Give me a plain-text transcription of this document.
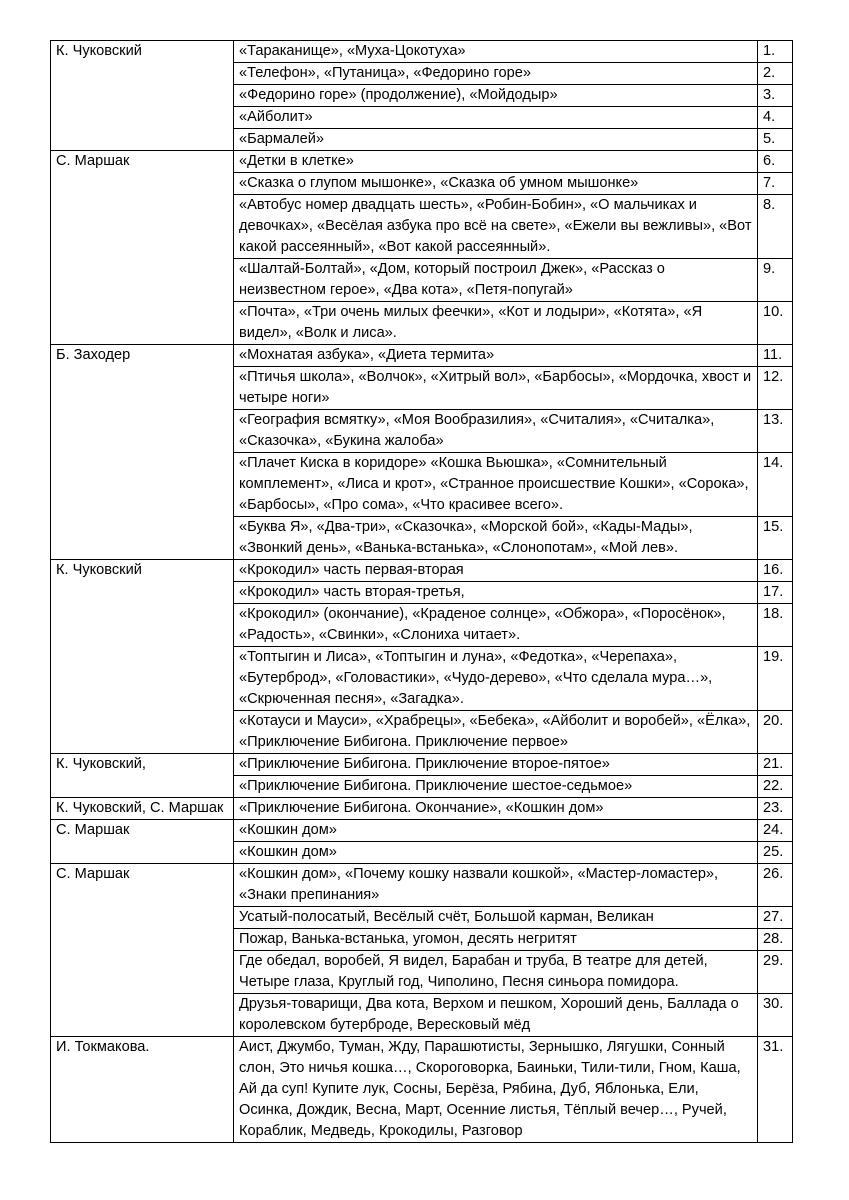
К. Чуковский	«Тараканище», «Муха-Цокотуха»	1.
	«Телефон», «Путаница», «Федорино горе»	2.
	«Федорино горе» (продолжение), «Мойдодыр»	3.
	«Айболит»	4.
	«Бармалей»	5.
С. Маршак	«Детки в клетке»	6.
	«Сказка о глупом мышонке», «Сказка об умном мышонке»	7.
	«Автобус номер двадцать шесть», «Робин-Бобин», «О мальчиках и девочках», «Весёлая азбука про всё на свете», «Ежели вы вежливы», «Вот какой рассеянный», «Вот какой рассеянный».	8.
	«Шалтай-Болтай», «Дом, который построил Джек», «Рассказ о неизвестном герое», «Два кота», «Петя-попугай»	9.
	«Почта», «Три очень милых феечки», «Кот и лодыри», «Котята», «Я видел», «Волк и лиса».	10.
Б. Заходер	«Мохнатая азбука», «Диета термита»	11.
	«Птичья школа», «Волчок», «Хитрый вол», «Барбосы», «Мордочка, хвост и четыре ноги»	12.
	«География всмятку», «Моя Вообразилия», «Считалия», «Считалка», «Сказочка», «Букина жалоба»	13.
	«Плачет Киска в коридоре» «Кошка Вьюшка», «Сомнительный комплемент», «Лиса и крот», «Странное происшествие Кошки», «Сорока», «Барбосы», «Про сома», «Что красивее всего».	14.
	«Буква Я», «Два-три», «Сказочка», «Морской бой», «Кады-Мады», «Звонкий день», «Ванька-встанька», «Слонопотам», «Мой лев».	15.
К. Чуковский	«Крокодил» часть первая-вторая	16.
	«Крокодил» часть вторая-третья,	17.
	«Крокодил» (окончание), «Краденое солнце», «Обжора», «Поросёнок», «Радость», «Свинки», «Слониха читает».	18.
	«Топтыгин и Лиса», «Топтыгин и луна», «Федотка», «Черепаха», «Бутерброд», «Головастики», «Чудо-дерево», «Что сделала мура…», «Скрюченная песня», «Загадка».	19.
	«Котауси и Мауси», «Храбрецы», «Бебека», «Айболит и воробей», «Ёлка», «Приключение Бибигона. Приключение первое»	20.
К. Чуковский,	«Приключение Бибигона. Приключение второе-пятое»	21.
	«Приключение Бибигона. Приключение шестое-седьмое»	22.
К. Чуковский, С. Маршак	«Приключение Бибигона. Окончание», «Кошкин дом»	23.
С. Маршак	«Кошкин дом»	24.
	«Кошкин дом»	25.
С. Маршак	«Кошкин дом», «Почему кошку назвали кошкой», «Мастер-ломастер», «Знаки препинания»	26.
	Усатый-полосатый, Весёлый счёт, Большой карман, Великан	27.
	Пожар, Ванька-встанька, угомон, десять негритят	28.
	Где обедал, воробей, Я видел, Барабан и труба, В театре для детей, Четыре глаза, Круглый год, Чиполино, Песня синьора помидора.	29.
	Друзья-товарищи, Два кота, Верхом и пешком, Хороший день, Баллада о королевском бутерброде, Вересковый мёд	30.
И. Токмакова.	Аист, Джумбо, Туман, Жду, Парашютисты, Зернышко, Лягушки, Сонный слон, Это ничья кошка…, Скороговорка, Баиньки, Тили-тили, Гном, Каша, Ай да суп! Купите лук, Сосны, Берёза, Рябина, Дуб, Яблонька, Ели, Осинка, Дождик, Весна, Март, Осенние листья, Тёплый вечер…, Ручей, Кораблик, Медведь, Крокодилы, Разговор	31.
